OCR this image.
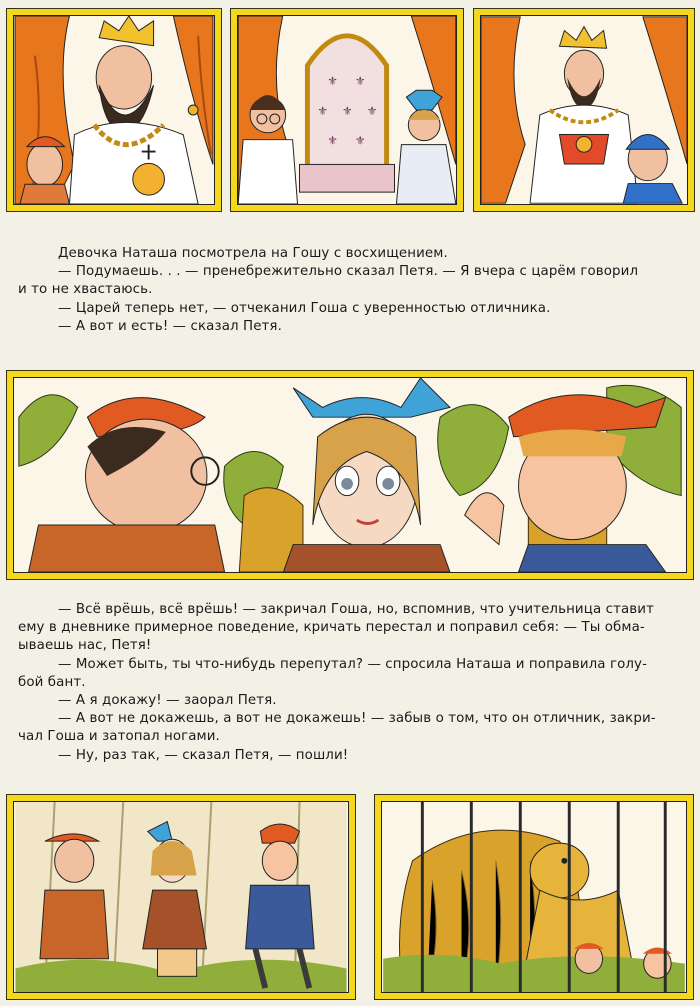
⚜ ⚜
⚜ ⚜ ⚜
⚜ ⚜

Девочка Наташа посмотрела на Гошу с восхищением.

— Подумаешь. . . — пренебрежительно сказал Петя. — Я вчера с царём говорил

и то не хвастаюсь.

— Царей теперь нет, — отчеканил Гоша с уверенностью отличника.

— А вот и есть! — сказал Петя.

— Всё врёшь, всё врёшь! — закричал Гоша, но, вспомнив, что учительница ставит

ему в дневнике примерное поведение, кричать перестал и поправил себя: — Ты обма-

ываешь нас, Петя!

— Может быть, ты что-нибудь перепутал? — спросила Наташа и поправила голу-

бой бант.

— А я докажу! — заорал Петя.

— А вот не докажешь, а вот не докажешь! — забыв о том, что он отличник, закри-

чал Гоша и затопал ногами.

— Ну, раз так, — сказал Петя, — пошли!
